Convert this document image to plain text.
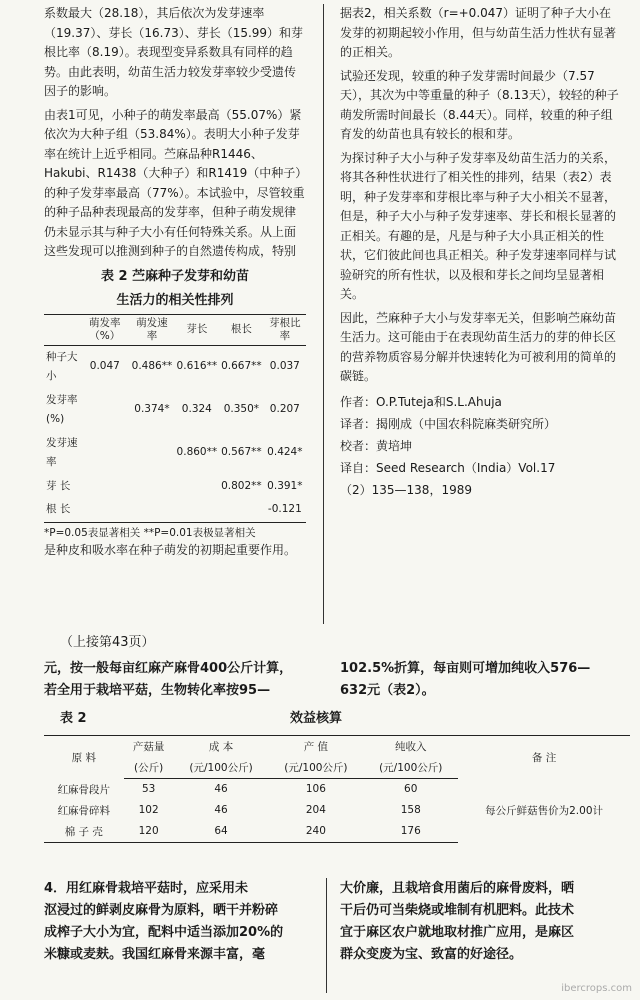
系数最大（28.18），其后依次为发芽速率（19.37）、芽长（16.73）、芽长（15.99）和芽根比率（8.19）。表现型变异系数具有同样的趋势。由此表明，幼苗生活力较发芽率较少受遗传因子的影响。

由表1可见，小种子的萌发率最高（55.07%）紧依次为大种子组（53.84%）。表明大小种子发芽率在统计上近乎相同。苎麻品种R1446、Hakubi、R1438（大种子）和R1419（中种子）的种子发芽率最高（77%）。本试验中，尽管较重的种子品种表现最高的发芽率，但种子萌发规律仍未显示其与种子大小有任何特殊关系。从上面这些发现可以推测到种子的自然遗传构成，特别

表 2 苎麻种子发芽和幼苗
生活力的相关性排列
	萌发率（%）	萌发速率	芽长	根长	芽根比率
种子大小	0.047	0.486**	0.616**	0.667**	0.037
发芽率(%)		0.374*	0.324	0.350*	0.207
发芽速率			0.860**	0.567**	0.424*
芽 长				0.802**	0.391*
根 长					-0.121
*P=0.05表显著相关 **P=0.01表极显著相关

是种皮和吸水率在种子萌发的初期起重要作用。

据表2，相关系数（r=+0.047）证明了种子大小在发芽的初期起较小作用，但与幼苗生活力性状有显著的正相关。

试验还发现，较重的种子发芽需时间最少（7.57天），其次为中等重量的种子（8.13天），较轻的种子萌发所需时间最长（8.44天）。同样，较重的种子组育发的幼苗也具有较长的根和芽。

为探讨种子大小与种子发芽率及幼苗生活力的关系，将其各种性状进行了相关性的排列，结果（表2）表明，种子发芽率和芽根比率与种子大小相关不显著，但是，种子大小与种子发芽速率、芽长和根长显著的正相关。有趣的是，凡是与种子大小具正相关的性状，它们彼此间也具正相关。种子发芽速率同样与试验研究的所有性状，以及根和芽长之间均呈显著相关。

因此，苎麻种子大小与发芽率无关，但影响苎麻幼苗生活力。这可能由于在表现幼苗生活力的芽的伸长区的营养物质容易分解并快速转化为可被利用的简单的碳链。

作者：O.P.Tuteja和S.L.Ahuja
译者：揭刚成（中国农科院麻类研究所）
校者：黄培坤
译自：Seed Research（India）Vol.17
（2）135—138，1989
（上接第43页）
元，按一般每亩红麻产麻骨400公斤计算，
若全用于栽培平菇，生物转化率按95—
102.5%折算，每亩则可增加纯收入576—
632元（表2）。
表 2	效益核算
原 料	产菇量	成 本	产 值	纯收入	备 注
	(公斤)	(元/100公斤)	(元/100公斤)	(元/100公斤)	
红麻骨段片	53	46	106	60	每公斤鲜菇售价为2.00计
红麻骨碎料	102	46	204	158	
棉 子 壳	120	64	240	176	
4．用红麻骨栽培平菇时，应采用未
沤浸过的鲜剥皮麻骨为原料，晒干并粉碎
成榨子大小为宜，配料中适当添加20%的
米糠或麦麸。我国红麻骨来源丰富，毫
大价廉，且栽培食用菌后的麻骨废料，晒
干后仍可当柴烧或堆制有机肥料。此技术
宜于麻区农户就地取材推广应用，是麻区
群众变废为宝、致富的好途径。
ibercrops.com
